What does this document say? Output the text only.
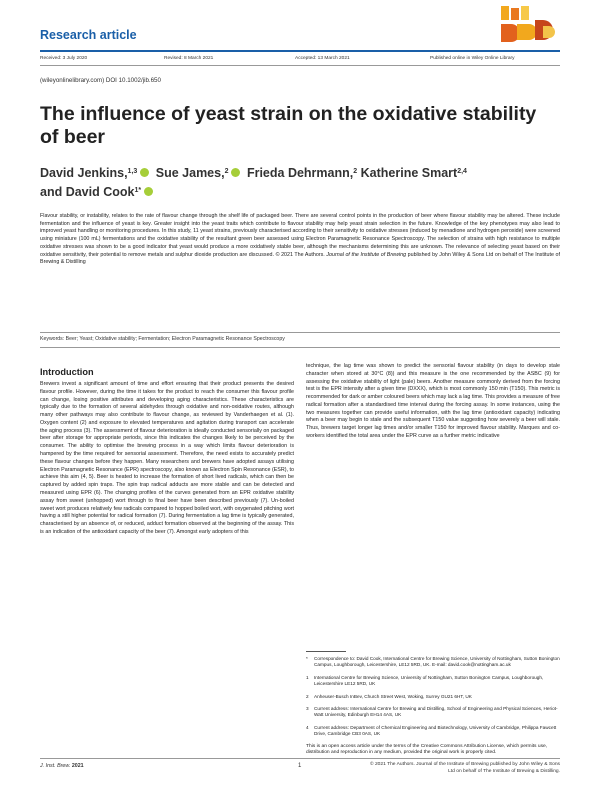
Research article
Received: 3 July 2020	Revised: 8 March 2021	Accepted: 13 March 2021	Published online in Wiley Online Library
(wileyonlinelibrary.com) DOI 10.1002/jib.650
The influence of yeast strain on the oxidative stability of beer
David Jenkins,$^{1,3}$ Sue James,$^2$ Frieda Dehrmann,$^2$ Katherine Smart$^{2,4}$
and David Cook$^{1*}$

Flavour stability, or instability, relates to the rate of flavour change through the shelf life of packaged beer. There are several control points in the production of beer where flavour stability may be altered. These include fermentation and the influence of yeast is key. Greater insight into the yeast traits which contribute to flavour stability may help yeast strain selection in the future. Knowledge of the key phenotypes may also lead to improved yeast handling or monitoring procedures. In this study, 11 yeast strains, previously characterised according to their sensitivity to oxidative stresses (induced by menadione and hydrogen peroxide) were screened using miniature (100 mL) fermentations and the oxidative stability of the resultant green beer assessed using Electron Paramagnetic Resonance Spectroscopy. The selection of strains with high resistance to multiple oxidative stresses was shown to be a good indicator that yeast would produce a more oxidatively stable beer, although the mechanisms determining this are unknown. The relevance of selecting yeast based on their oxidative sensitivity, their potential to remove metals and sulphur dioxide production are discussed. © 2021 The Authors. Journal of the Institute of Brewing published by John Wiley & Sons Ltd on behalf of The Institute of Brewing & Distilling

Keywords: Beer; Yeast; Oxidative stability; Fermentation; Electron Paramagnetic Resonance Spectroscopy
Introduction

Brewers invest a significant amount of time and effort ensuring that their product presents the desired flavour profile. However, during the time it takes for the product to reach the consumer this flavour profile can change, losing positive attributes and developing aging characteristics. These characteristics are typically due to the formation of several aldehydes through oxidative and non-oxidative routes, although many other pathways may also contribute to flavour change, as reviewed by Vanderhaegen et al. (1). Oxygen content (2) and exposure to elevated temperatures and agitation during transport can accelerate the aging process (3). The assessment of flavour deterioration is ideally conducted sensorially on packaged beer after storage for appropriate periods, since this indicates the changes likely to be perceived by the consumer. The ability to optimise the brewing process in a way which limits flavour deterioration is hampered by the time required for sensorial assessment. Therefore, the need exists to accurately predict these flavour changes before they happen. Many researchers and brewers have adopted assays utilising Electron Paramagnetic Resonance (EPR) spectroscopy, also known as Electron Spin Resonance (ESR), to achieve this aim (4, 5). Beer is heated to increase the formation of short lived radicals, which can then be captured by added spin traps. The spin trap radical adducts are more stable and can be detected and measured using EPR (6). The changing profiles of the curves generated from an EPR oxidative stability assay from sweet (unhopped) wort through to final beer have been described previously (7). Un-boiled sweet wort produces relatively few radicals compared to hopped boiled wort, with oxygenated pitching wort having a still higher potential for radical formation (7). During fermentation a lag time is typically generated, characterised by an absence of, or reduced, adduct formation observed at the beginning of the assay. This is an indication of the antioxidant capacity of the beer (7). Amongst early adopters of this

technique, the lag time was shown to predict the sensorial flavour stability (in days to develop stale character when stored at 30°C (8)) and this measure is the one recommended by the ASBC (9) for assessing the oxidative stability of light (pale) beers. Another measure commonly derived from the forcing test is the EPR intensity after a given time (DXXX), which is most commonly 150 min (T150). This metric is recommended for dark or amber coloured beers which may lack a lag time. This provides a measure of free radical formation after a standardised time interval during the forcing assay. In some instances, using the two measures together can provide useful information, with the lag time (antioxidant capacity) indicating when a beer may begin to stale and the subsequent T150 value suggesting how severely a beer will stale. Thus, brewers target longer lag times and/or smaller T150 for improved flavour stability. Marques and co-workers identified the total area under the EPR curve as a further metric indicative

*	Correspondence to: David Cook, International Centre for Brewing Science, University of Nottingham, Sutton Bonington Campus, Loughborough, Leicestershire, LE12 5RD, UK. E-mail: david.cook@nottingham.ac.uk
1	International Centre for Brewing Science, University of Nottingham, Sutton Bonington Campus, Loughborough, Leicestershire LE12 5RD, UK
2	Anheuser-Busch InBev, Church Street West, Woking, Surrey GU21 6HT, UK
3	Current address: International Centre for Brewing and Distilling, School of Engineering and Physical Sciences, Heriot-Watt University, Edinburgh EH14 4AS, UK
4	Current address: Department of Chemical Engineering and Biotechnology, University of Cambridge, Philippa Fawcett Drive, Cambridge CB3 0AS, UK

This is an open access article under the terms of the Creative Commons Attribution License, which permits use, distribution and reproduction in any medium, provided the original work is properly cited.

J. Inst. Brew. 2021	1	© 2021 The Authors. Journal of the Institute of Brewing published by John Wiley & Sons Ltd on behalf of The Institute of Brewing & Distilling.
